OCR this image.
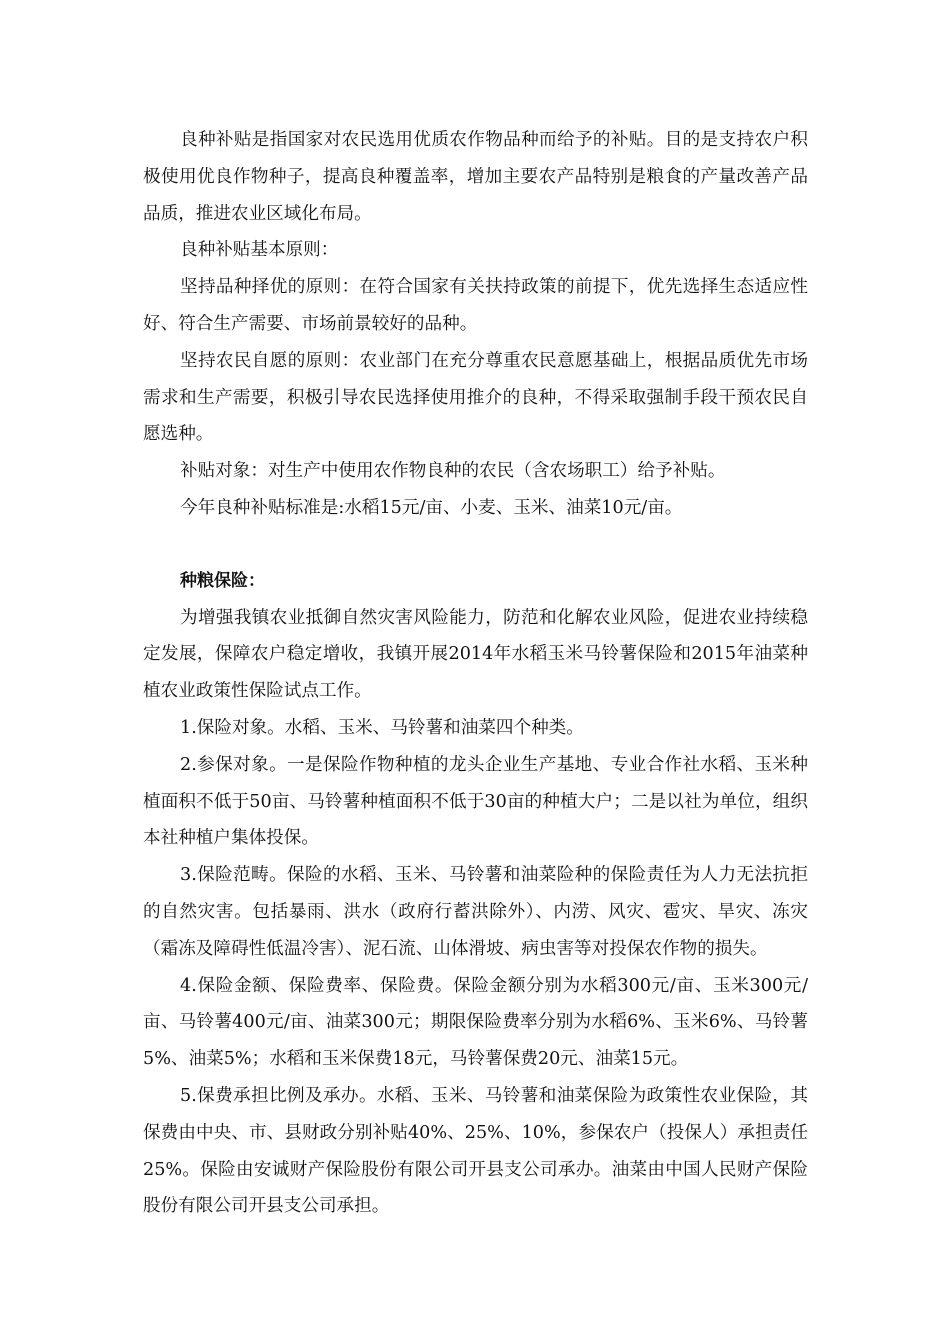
良种补贴是指国家对农民选用优质农作物品种而给予的补贴。目的是支持农户积极使用优良作物种子，提高良种覆盖率，增加主要农产品特别是粮食的产量改善产品品质，推进农业区域化布局。

良种补贴基本原则：

坚持品种择优的原则：在符合国家有关扶持政策的前提下，优先选择生态适应性好、符合生产需要、市场前景较好的品种。

坚持农民自愿的原则：农业部门在充分尊重农民意愿基础上，根据品质优先市场需求和生产需要，积极引导农民选择使用推介的良种，不得采取强制手段干预农民自愿选种。

补贴对象：对生产中使用农作物良种的农民（含农场职工）给予补贴。

今年良种补贴标准是:水稻15元/亩、小麦、玉米、油菜10元/亩。

种粮保险：

为增强我镇农业抵御自然灾害风险能力，防范和化解农业风险，促进农业持续稳定发展，保障农户稳定增收，我镇开展2014年水稻玉米马铃薯保险和2015年油菜种植农业政策性保险试点工作。

1.保险对象。水稻、玉米、马铃薯和油菜四个种类。

2.参保对象。一是保险作物种植的龙头企业生产基地、专业合作社水稻、玉米种植面积不低于50亩、马铃薯种植面积不低于30亩的种植大户；二是以社为单位，组织本社种植户集体投保。

3.保险范畴。保险的水稻、玉米、马铃薯和油菜险种的保险责任为人力无法抗拒的自然灾害。包括暴雨、洪水（政府行蓄洪除外）、内涝、风灾、雹灾、旱灾、冻灾（霜冻及障碍性低温冷害）、泥石流、山体滑坡、病虫害等对投保农作物的损失。

4.保险金额、保险费率、保险费。保险金额分别为水稻300元/亩、玉米300元/亩、马铃薯400元/亩、油菜300元；期限保险费率分别为水稻6%、玉米6%、马铃薯5%、油菜5%；水稻和玉米保费18元，马铃薯保费20元、油菜15元。

5.保费承担比例及承办。水稻、玉米、马铃薯和油菜保险为政策性农业保险，其保费由中央、市、县财政分别补贴40%、25%、10%，参保农户（投保人）承担责任25%。保险由安诚财产保险股份有限公司开县支公司承办。油菜由中国人民财产保险股份有限公司开县支公司承担。
